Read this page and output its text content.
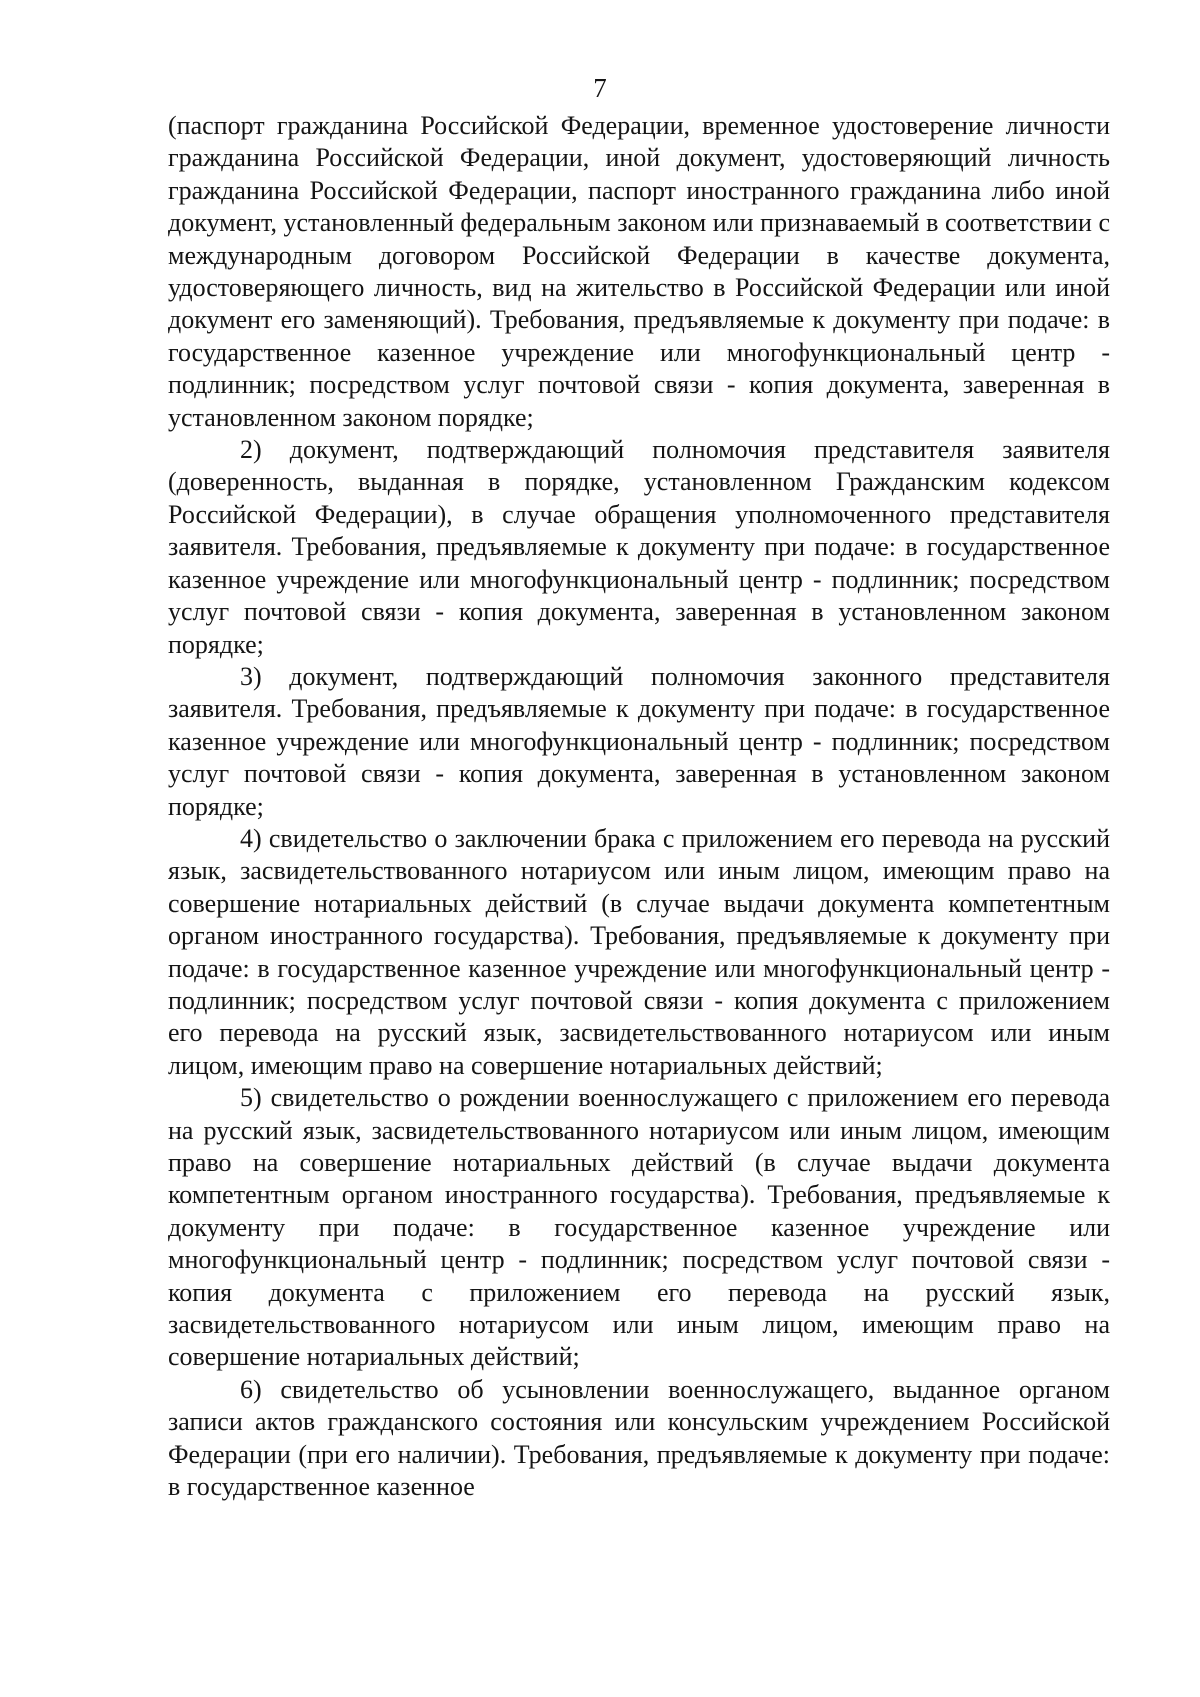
7

(паспорт гражданина Российской Федерации, временное удостоверение личности гражданина Российской Федерации, иной документ, удостоверяющий личность гражданина Российской Федерации, паспорт иностранного гражданина либо иной документ, установленный федеральным законом или признаваемый в соответствии с международным договором Российской Федерации в качестве документа, удостоверяющего личность, вид на жительство в Российской Федерации или иной документ его заменяющий). Требования, предъявляемые к документу при подаче: в государственное казенное учреждение или многофункциональный центр - подлинник; посредством услуг почтовой связи - копия документа, заверенная в установленном законом порядке;

2) документ, подтверждающий полномочия представителя заявителя (доверенность, выданная в порядке, установленном Гражданским кодексом Российской Федерации), в случае обращения уполномоченного представителя заявителя. Требования, предъявляемые к документу при подаче: в государственное казенное учреждение или многофункциональный центр - подлинник; посредством услуг почтовой связи - копия документа, заверенная в установленном законом порядке;

3) документ, подтверждающий полномочия законного представителя заявителя. Требования, предъявляемые к документу при подаче: в государственное казенное учреждение или многофункциональный центр - подлинник; посредством услуг почтовой связи - копия документа, заверенная в установленном законом порядке;

4) свидетельство о заключении брака с приложением его перевода на русский язык, засвидетельствованного нотариусом или иным лицом, имеющим право на совершение нотариальных действий (в случае выдачи документа компетентным органом иностранного государства). Требования, предъявляемые к документу при подаче: в государственное казенное учреждение или многофункциональный центр - подлинник; посредством услуг почтовой связи - копия документа с приложением его перевода на русский язык, засвидетельствованного нотариусом или иным лицом, имеющим право на совершение нотариальных действий;

5) свидетельство о рождении военнослужащего с приложением его перевода на русский язык, засвидетельствованного нотариусом или иным лицом, имеющим право на совершение нотариальных действий (в случае выдачи документа компетентным органом иностранного государства). Требования, предъявляемые к документу при подаче: в государственное казенное учреждение или многофункциональный центр - подлинник; посредством услуг почтовой связи - копия документа с приложением его перевода на русский язык, засвидетельствованного нотариусом или иным лицом, имеющим право на совершение нотариальных действий;

6) свидетельство об усыновлении военнослужащего, выданное органом записи актов гражданского состояния или консульским учреждением Российской Федерации (при его наличии). Требования, предъявляемые к документу при подаче: в государственное казенное
